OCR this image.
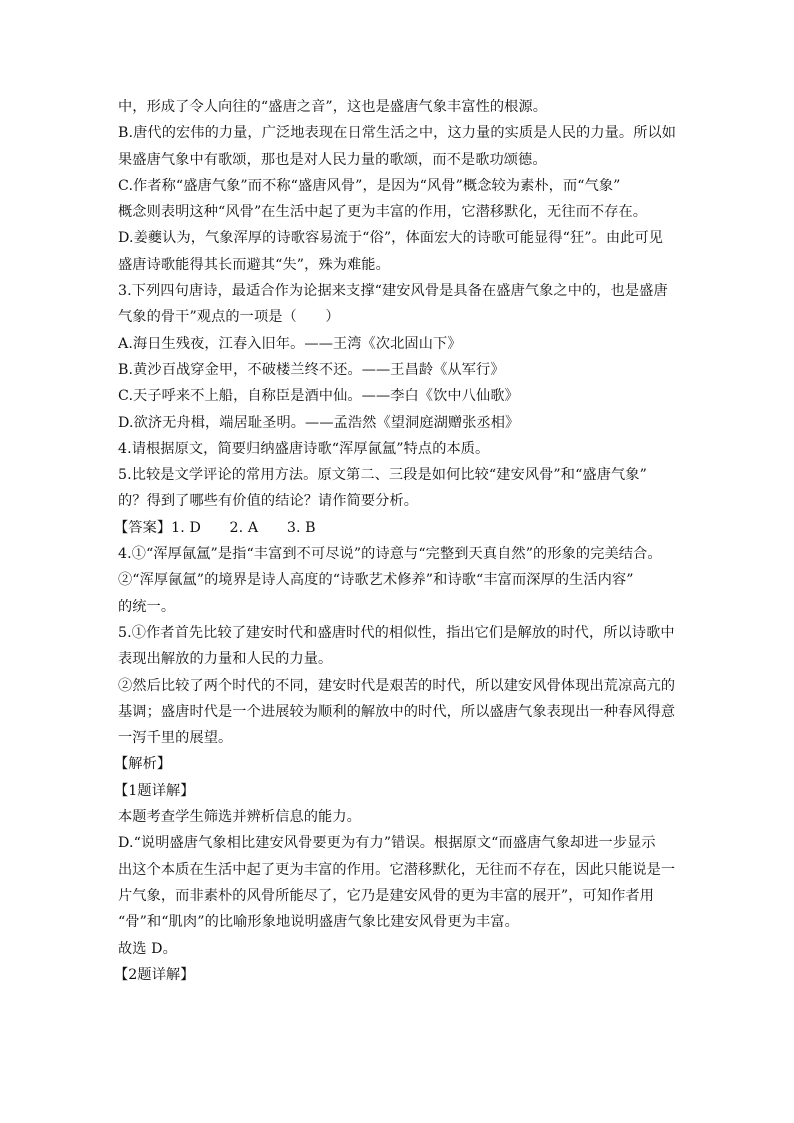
中，形成了令人向往的“盛唐之音”，这也是盛唐气象丰富性的根源。
B.唐代的宏伟的力量，广泛地表现在日常生活之中，这力量的实质是人民的力量。所以如
果盛唐气象中有歌颂，那也是对人民力量的歌颂，而不是歌功颂德。
C.作者称“盛唐气象”而不称“盛唐风骨”，是因为“风骨”概念较为素朴，而“气象”
概念则表明这种“风骨”在生活中起了更为丰富的作用，它潜移默化，无往而不存在。
D.姜夔认为，气象浑厚的诗歌容易流于“俗”，体面宏大的诗歌可能显得“狂”。由此可见
盛唐诗歌能得其长而避其“失”，殊为难能。
3.下列四句唐诗，最适合作为论据来支撑“建安风骨是具备在盛唐气象之中的，也是盛唐
气象的骨干”观点的一项是（　　）
A.海日生残夜，江春入旧年。——王湾《次北固山下》
B.黄沙百战穿金甲，不破楼兰终不还。——王昌龄《从军行》
C.天子呼来不上船，自称臣是酒中仙。——李白《饮中八仙歌》
D.欲济无舟楫，端居耻圣明。——孟浩然《望洞庭湖赠张丞相》
4.请根据原文，简要归纳盛唐诗歌“浑厚氤氲”特点的本质。
5.比较是文学评论的常用方法。原文第二、三段是如何比较“建安风骨”和“盛唐气象”
的？得到了哪些有价值的结论？请作简要分析。
【答案】1. D　　2. A　　3. B
4.①“浑厚氤氲”是指“丰富到不可尽说”的诗意与“完整到天真自然”的形象的完美结合。
②“浑厚氤氲”的境界是诗人高度的“诗歌艺术修养”和诗歌“丰富而深厚的生活内容”
的统一。
5.①作者首先比较了建安时代和盛唐时代的相似性，指出它们是解放的时代，所以诗歌中
表现出解放的力量和人民的力量。
②然后比较了两个时代的不同，建安时代是艰苦的时代，所以建安风骨体现出荒凉高亢的
基调；盛唐时代是一个进展较为顺利的解放中的时代，所以盛唐气象表现出一种春风得意
一泻千里的展望。
【解析】
【1题详解】
本题考查学生筛选并辨析信息的能力。
D.“说明盛唐气象相比建安风骨要更为有力”错误。根据原文“而盛唐气象却进一步显示
出这个本质在生活中起了更为丰富的作用。它潜移默化，无往而不存在，因此只能说是一
片气象，而非素朴的风骨所能尽了，它乃是建安风骨的更为丰富的展开”，可知作者用
“骨”和“肌肉”的比喻形象地说明盛唐气象比建安风骨更为丰富。
故选 D。
【2题详解】
